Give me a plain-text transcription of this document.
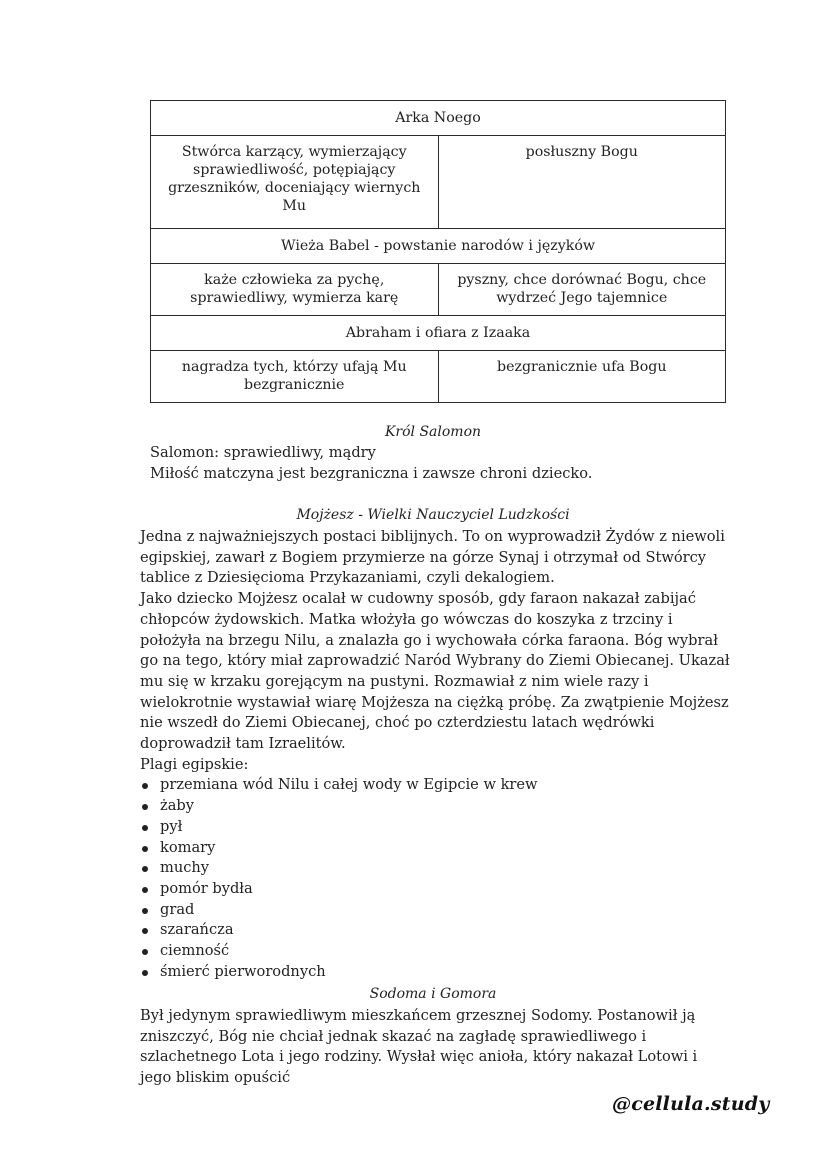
Arka Noego	
Stwórca karzący, wymierzający sprawiedliwość, potępiający grzeszników, doceniający wiernych Mu	posłuszny Bogu
Wieża Babel - powstanie narodów i języków	
każe człowieka za pychę, sprawiedliwy, wymierza karę	pyszny, chce dorównać Bogu, chce wydrzeć Jego tajemnice
Abraham i ofiara z Izaaka	
nagradza tych, którzy ufają Mu bezgranicznie	bezgranicznie ufa Bogu
Król Salomon

Salomon: sprawiedliwy, mądry

Miłość matczyna jest bezgraniczna i zawsze chroni dziecko.

Mojżesz - Wielki Nauczyciel Ludzkości

Jedna z najważniejszych postaci biblijnych. To on wyprowadził Żydów z niewoli egipskiej, zawarł z Bogiem przymierze na górze Synaj i otrzymał od Stwórcy tablice z Dziesięcioma Przykazaniami, czyli dekalogiem.

Jako dziecko Mojżesz ocalał w cudowny sposób, gdy faraon nakazał zabijać chłopców żydowskich. Matka włożyła go wówczas do koszyka z trzciny i położyła na brzegu Nilu, a znalazła go i wychowała córka faraona. Bóg wybrał go na tego, który miał zaprowadzić Naród Wybrany do Ziemi Obiecanej. Ukazał mu się w krzaku gorejącym na pustyni. Rozmawiał z nim wiele razy i wielokrotnie wystawiał wiarę Mojżesza na ciężką próbę. Za zwątpienie Mojżesz nie wszedł do Ziemi Obiecanej, choć po czterdziestu latach wędrówki doprowadził tam Izraelitów.

Plagi egipskie:

przemiana wód Nilu i całej wody w Egipcie w krew
żaby
pył
komary
muchy
pomór bydła
grad
szarańcza
ciemność
śmierć pierworodnych
Sodoma i Gomora

Był jedynym sprawiedliwym mieszkańcem grzesznej Sodomy. Postanowił ją zniszczyć, Bóg nie chciał jednak skazać na zagładę sprawiedliwego i szlachetnego Lota i jego rodziny. Wysłał więc anioła, który nakazał Lotowi i jego bliskim opuścić

@cellula.study
